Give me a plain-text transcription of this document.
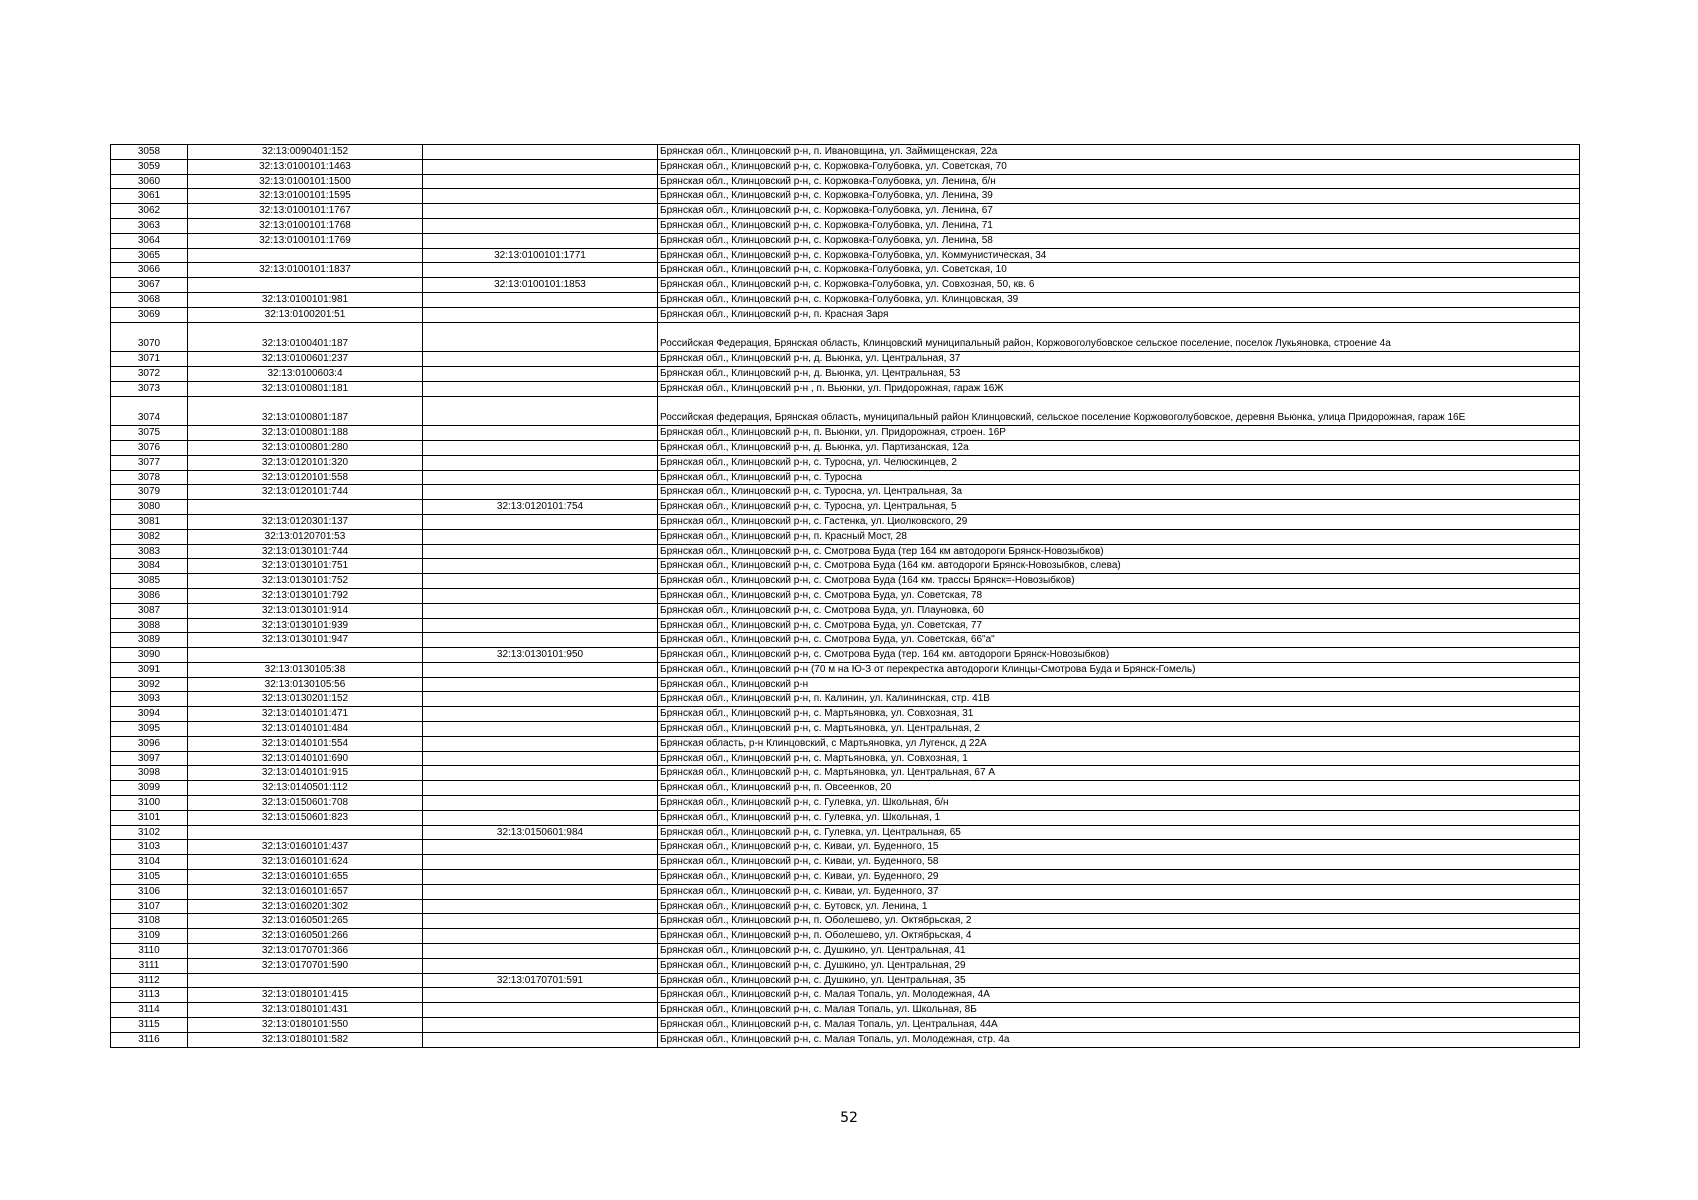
3058	32:13:0090401:152		Брянская обл., Клинцовский р-н, п. Ивановщина, ул. Займищенская, 22а
3059	32:13:0100101:1463		Брянская обл., Клинцовский р-н, с. Коржовка-Голубовка, ул. Советская, 70
3060	32:13:0100101:1500		Брянская обл., Клинцовский р-н, с. Коржовка-Голубовка, ул. Ленина, б/н
3061	32:13:0100101:1595		Брянская обл., Клинцовский р-н, с. Коржовка-Голубовка, ул. Ленина, 39
3062	32:13:0100101:1767		Брянская обл., Клинцовский р-н, с. Коржовка-Голубовка, ул. Ленина, 67
3063	32:13:0100101:1768		Брянская обл., Клинцовский р-н, с. Коржовка-Голубовка, ул. Ленина, 71
3064	32:13:0100101:1769		Брянская обл., Клинцовский р-н, с. Коржовка-Голубовка, ул. Ленина, 58
3065		32:13:0100101:1771	Брянская обл., Клинцовский р-н, с. Коржовка-Голубовка, ул. Коммунистическая, 34
3066	32:13:0100101:1837		Брянская обл., Клинцовский р-н, с. Коржовка-Голубовка, ул. Советская, 10
3067		32:13:0100101:1853	Брянская обл., Клинцовский р-н, с. Коржовка-Голубовка, ул. Совхозная, 50, кв. 6
3068	32:13:0100101:981		Брянская обл., Клинцовский р-н, с. Коржовка-Голубовка, ул. Клинцовская, 39
3069	32:13:0100201:51		Брянская обл., Клинцовский р-н, п. Красная Заря
3070	32:13:0100401:187		Российская Федерация, Брянская область, Клинцовский муниципальный район, Коржовоголубовское сельское поселение, поселок Лукьяновка, строение 4а
3071	32:13:0100601:237		Брянская обл., Клинцовский р-н, д. Вьюнка, ул. Центральная, 37
3072	32:13:0100603:4		Брянская обл., Клинцовский р-н, д. Вьюнка, ул. Центральная, 53
3073	32:13:0100801:181		Брянская обл., Клинцовский р-н , п. Вьюнки, ул. Придорожная, гараж 16Ж
3074	32:13:0100801:187		Российская федерация, Брянская область, муниципальный район Клинцовский, сельское поселение Коржовоголубовское, деревня Вьюнка, улица Придорожная, гараж 16Е
3075	32:13:0100801:188		Брянская обл., Клинцовский р-н, п. Вьюнки, ул. Придорожная, строен. 16Р
3076	32:13:0100801:280		Брянская обл., Клинцовский р-н, д. Вьюнка, ул. Партизанская, 12а
3077	32:13:0120101:320		Брянская обл., Клинцовский р-н, с. Туросна, ул. Челюскинцев, 2
3078	32:13:0120101:558		Брянская обл., Клинцовский р-н, с. Туросна
3079	32:13:0120101:744		Брянская обл., Клинцовский р-н, с. Туросна, ул. Центральная, 3а
3080		32:13:0120101:754	Брянская обл., Клинцовский р-н, с. Туросна, ул. Центральная, 5
3081	32:13:0120301:137		Брянская обл., Клинцовский р-н, с. Гастенка, ул. Циолковского, 29
3082	32:13:0120701:53		Брянская обл., Клинцовский р-н, п. Красный Мост, 28
3083	32:13:0130101:744		Брянская обл., Клинцовский р-н, с. Смотрова Буда (тер 164 км автодороги Брянск-Новозыбков)
3084	32:13:0130101:751		Брянская обл., Клинцовский р-н, с. Смотрова Буда (164 км. автодороги Брянск-Новозыбков, слева)
3085	32:13:0130101:752		Брянская обл., Клинцовский р-н, с. Смотрова Буда (164 км. трассы Брянск=-Новозыбков)
3086	32:13:0130101:792		Брянская обл., Клинцовский р-н, с. Смотрова Буда, ул. Советская, 78
3087	32:13:0130101:914		Брянская обл., Клинцовский р-н, с. Смотрова Буда, ул. Плауновка, 60
3088	32:13:0130101:939		Брянская обл., Клинцовский р-н, с. Смотрова Буда, ул. Советская, 77
3089	32:13:0130101:947		Брянская обл., Клинцовский р-н, с. Смотрова Буда, ул. Советская, 66"а"
3090		32:13:0130101:950	Брянская обл., Клинцовский р-н, с. Смотрова Буда (тер. 164 км. автодороги Брянск-Новозыбков)
3091	32:13:0130105:38		Брянская обл., Клинцовский р-н (70 м на Ю-З от перекрестка автодороги Клинцы-Смотрова Буда и Брянск-Гомель)
3092	32:13:0130105:56		Брянская обл., Клинцовский р-н
3093	32:13:0130201:152		Брянская обл., Клинцовский р-н, п. Калинин, ул. Калининская, стр. 41В
3094	32:13:0140101:471		Брянская обл., Клинцовский р-н, с. Мартьяновка, ул. Совхозная, 31
3095	32:13:0140101:484		Брянская обл., Клинцовский р-н, с. Мартьяновка, ул. Центральная, 2
3096	32:13:0140101:554		Брянская область, р-н Клинцовский, с Мартьяновка, ул Лугенск, д 22А
3097	32:13:0140101:690		Брянская обл., Клинцовский р-н, с. Мартьяновка, ул. Совхозная, 1
3098	32:13:0140101:915		Брянская обл., Клинцовский р-н, с. Мартьяновка, ул. Центральная, 67 А
3099	32:13:0140501:112		Брянская обл., Клинцовский р-н, п. Овсеенков, 20
3100	32:13:0150601:708		Брянская обл., Клинцовский р-н, с. Гулевка, ул. Школьная, б/н
3101	32:13:0150601:823		Брянская обл., Клинцовский р-н, с. Гулевка, ул. Школьная, 1
3102		32:13:0150601:984	Брянская обл., Клинцовский р-н, с. Гулевка, ул. Центральная, 65
3103	32:13:0160101:437		Брянская обл., Клинцовский р-н, с. Киваи, ул. Буденного, 15
3104	32:13:0160101:624		Брянская обл., Клинцовский р-н, с. Киваи, ул. Буденного, 58
3105	32:13:0160101:655		Брянская обл., Клинцовский р-н, с. Киваи, ул. Буденного, 29
3106	32:13:0160101:657		Брянская обл., Клинцовский р-н, с. Киваи, ул. Буденного, 37
3107	32:13:0160201:302		Брянская обл., Клинцовский р-н, с. Бутовск, ул. Ленина, 1
3108	32:13:0160501:265		Брянская обл., Клинцовский р-н, п. Оболешево, ул. Октябрьская, 2
3109	32:13:0160501:266		Брянская обл., Клинцовский р-н, п. Оболешево, ул. Октябрьская, 4
3110	32:13:0170701:366		Брянская обл., Клинцовский р-н, с. Душкино, ул. Центральная, 41
3111	32:13:0170701:590		Брянская обл., Клинцовский р-н, с. Душкино, ул. Центральная, 29
3112		32:13:0170701:591	Брянская обл., Клинцовский р-н, с. Душкино, ул. Центральная, 35
3113	32:13:0180101:415		Брянская обл., Клинцовский р-н, с. Малая Топаль, ул. Молодежная, 4А
3114	32:13:0180101:431		Брянская обл., Клинцовский р-н, с. Малая Топаль, ул. Школьная, 8Б
3115	32:13:0180101:550		Брянская обл., Клинцовский р-н, с. Малая Топаль, ул. Центральная, 44А
3116	32:13:0180101:582		Брянская обл., Клинцовский р-н, с. Малая Топаль, ул. Молодежная, стр. 4а
52
